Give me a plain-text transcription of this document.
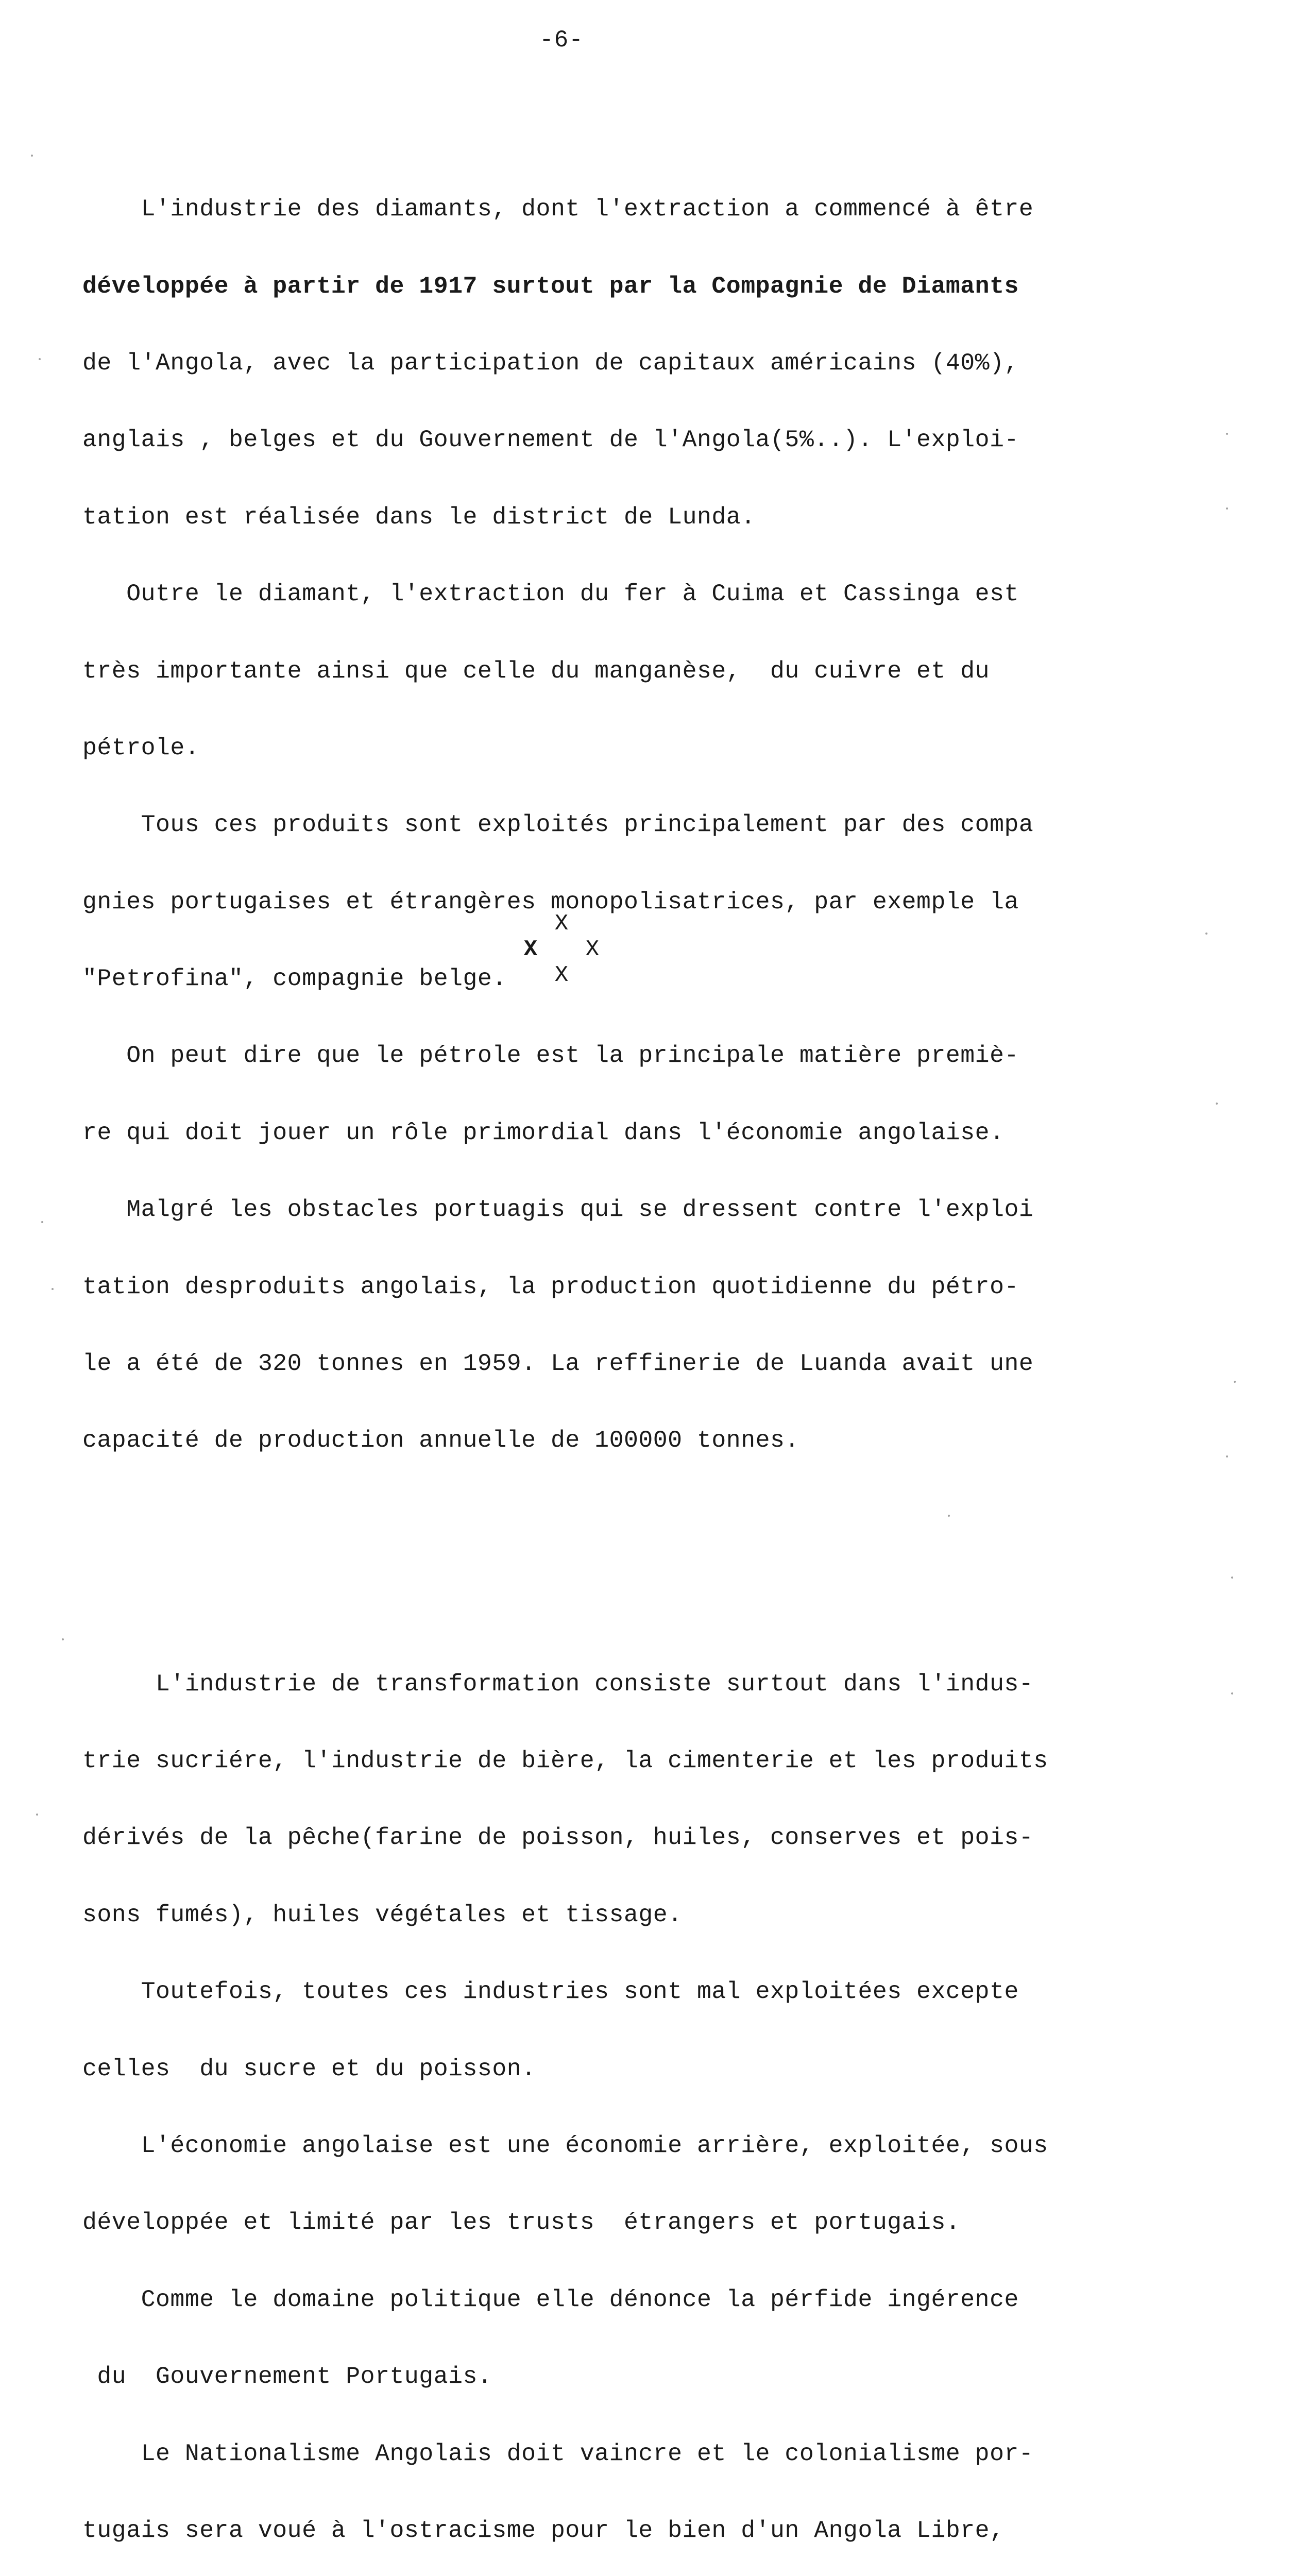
-6-

L'industrie des diamants, dont l'extraction a commencé à être

développée à partir de 1917 surtout par la Compagnie de Diamants

de l'Angola, avec la participation de capitaux américains (40%),

anglais , belges et du Gouvernement de l'Angola(5%..). L'exploi-

tation est réalisée dans le district de Lunda.

Outre le diamant, l'extraction du fer à Cuima et Cassinga est

très importante ainsi que celle du manganèse,  du cuivre et du

pétrole.

Tous ces produits sont exploités principalement par des compa

gnies portugaises et étrangères monopolisatrices, par exemple la

"Petrofina", compagnie belge.

On peut dire que le pétrole est la principale matière premiè-

re qui doit jouer un rôle primordial dans l'économie angolaise.

Malgré les obstacles portuagis qui se dressent contre l'exploi

tation desproduits angolais, la production quotidienne du pétro-

le a été de 320 tonnes en 1959. La reffinerie de Luanda avait une

capacité de production annuelle de 100000 tonnes.

L'industrie de transformation consiste surtout dans l'indus-

trie sucriére, l'industrie de bière, la cimenterie et les produits

dérivés de la pêche(farine de poisson, huiles, conserves et pois-

sons fumés), huiles végétales et tissage.

Toutefois, toutes ces industries sont mal exploitées excepte

celles  du sucre et du poisson.

L'économie angolaise est une économie arrière, exploitée, sous

développée et limité par les trusts  étrangers et portugais.

Comme le domaine politique elle dénonce la pérfide ingérence

du  Gouvernement Portugais.

Le Nationalisme Angolais doit vaincre et le colonialisme por-

tugais sera voué à l'ostracisme pour le bien d'un Angola Libre,

X
X X
X
